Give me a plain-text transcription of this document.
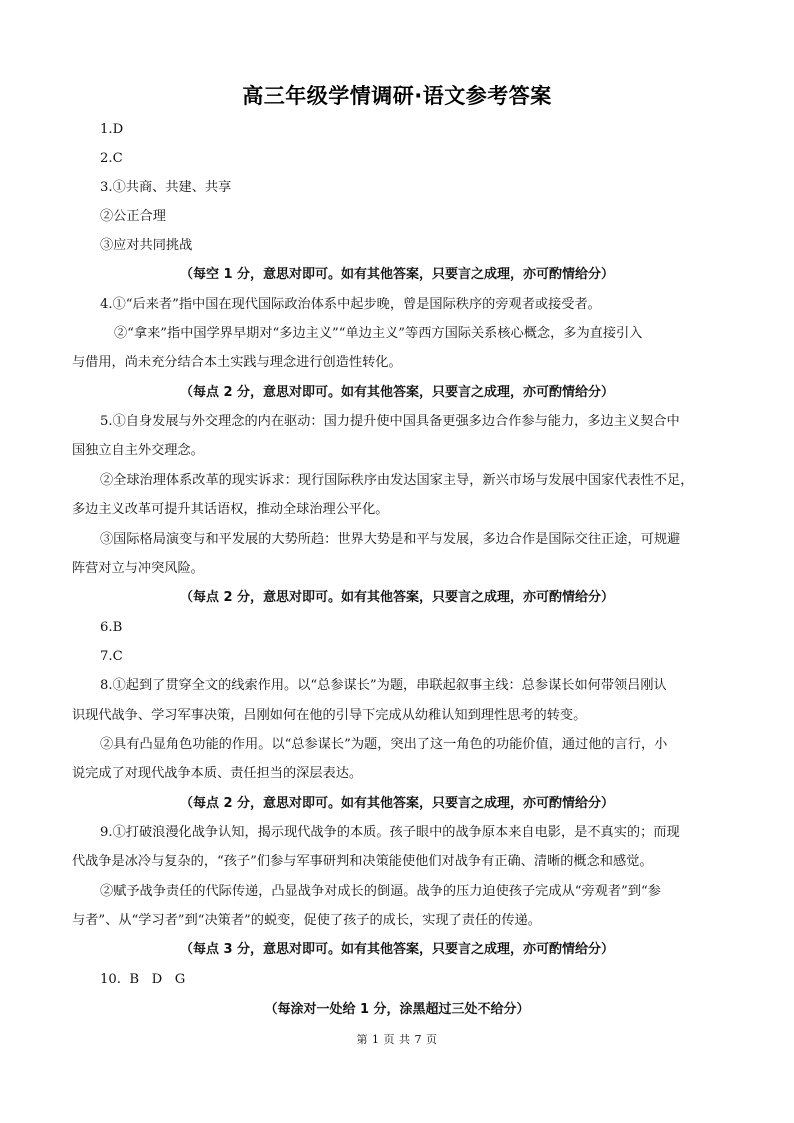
高三年级学情调研·语文参考答案
1.D
2.C
3.①共商、共建、共享
②公正合理
③应对共同挑战
（每空 1 分，意思对即可。如有其他答案，只要言之成理，亦可酌情给分）
4.①“后来者”指中国在现代国际政治体系中起步晚，曾是国际秩序的旁观者或接受者。
②“拿来”指中国学界早期对“多边主义”“单边主义”等西方国际关系核心概念，多为直接引入
与借用，尚未充分结合本土实践与理念进行创造性转化。
（每点 2 分，意思对即可。如有其他答案，只要言之成理，亦可酌情给分）
5.①自身发展与外交理念的内在驱动：国力提升使中国具备更强多边合作参与能力，多边主义契合中
国独立自主外交理念。
②全球治理体系改革的现实诉求：现行国际秩序由发达国家主导，新兴市场与发展中国家代表性不足，
多边主义改革可提升其话语权，推动全球治理公平化。
③国际格局演变与和平发展的大势所趋：世界大势是和平与发展，多边合作是国际交往正途，可规避
阵营对立与冲突风险。
（每点 2 分，意思对即可。如有其他答案，只要言之成理，亦可酌情给分）
6.B
7.C
8.①起到了贯穿全文的线索作用。以“总参谋长”为题，串联起叙事主线：总参谋长如何带领吕刚认
识现代战争、学习军事决策，吕刚如何在他的引导下完成从幼稚认知到理性思考的转变。
②具有凸显角色功能的作用。以“总参谋长”为题，突出了这一角色的功能价值，通过他的言行，小
说完成了对现代战争本质、责任担当的深层表达。
（每点 2 分，意思对即可。如有其他答案，只要言之成理，亦可酌情给分）
9.①打破浪漫化战争认知，揭示现代战争的本质。孩子眼中的战争原本来自电影，是不真实的；而现
代战争是冰冷与复杂的，“孩子”们参与军事研判和决策能使他们对战争有正确、清晰的概念和感觉。
②赋予战争责任的代际传递，凸显战争对成长的倒逼。战争的压力迫使孩子完成从“旁观者”到“参
与者”、从“学习者”到“决策者”的蜕变，促使了孩子的成长，实现了责任的传递。
（每点 3 分，意思对即可。如有其他答案，只要言之成理，亦可酌情给分）
10.  B   D   G
（每涂对一处给 1 分，涂黑超过三处不给分）
第 1 页 共 7 页
